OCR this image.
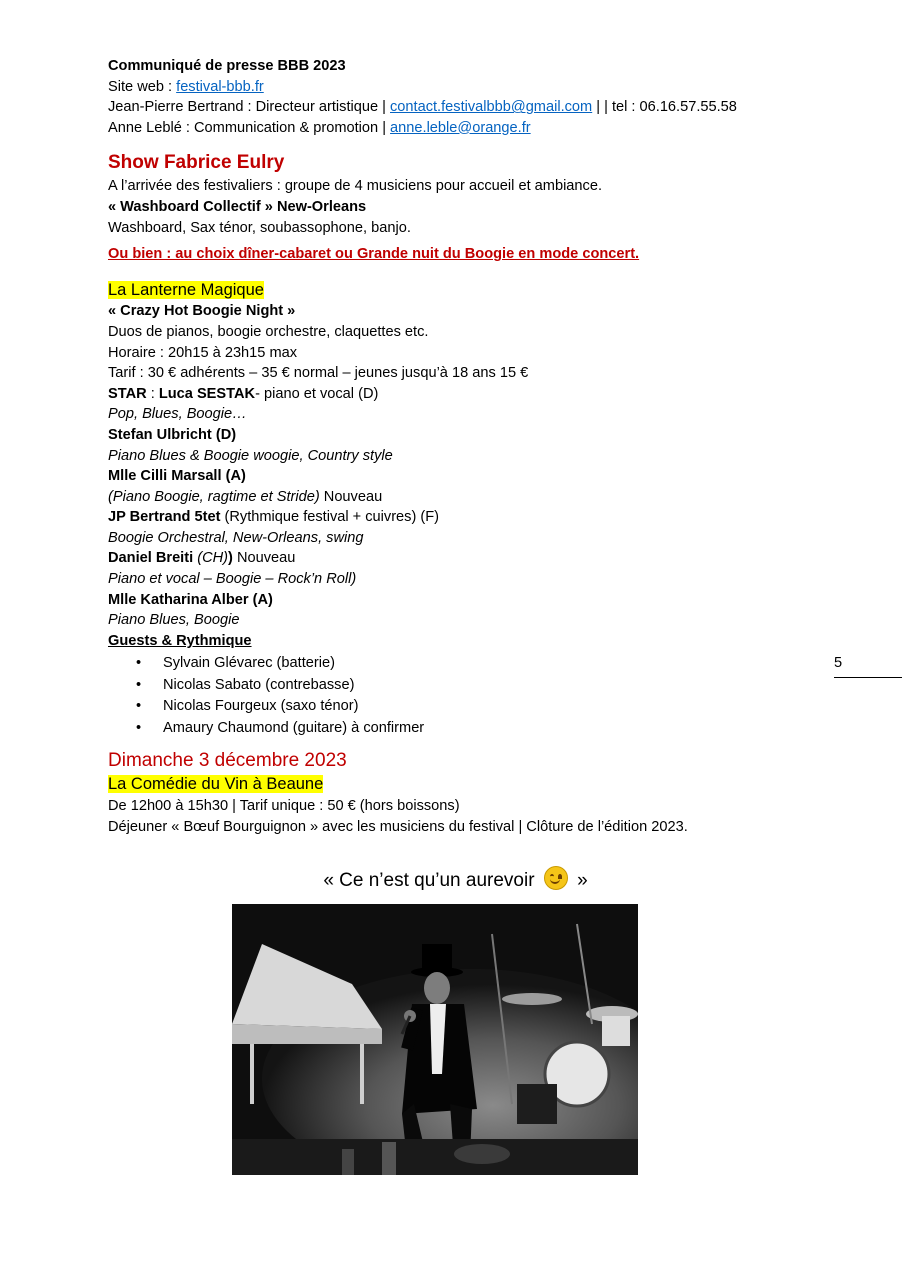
Communiqué de presse BBB 2023
Site web : festival-bbb.fr
Jean-Pierre Bertrand : Directeur artistique | contact.festivalbbb@gmail.com | | tel : 06.16.57.55.58
Anne Leblé : Communication & promotion | anne.leble@orange.fr
Show Fabrice Eulry
A l’arrivée des festivaliers : groupe de 4 musiciens pour accueil et ambiance.
« Washboard Collectif » New-Orleans
Washboard, Sax ténor, soubassophone, banjo.
Ou bien : au choix dîner-cabaret ou Grande nuit du Boogie en mode concert.
La Lanterne Magique
« Crazy Hot Boogie Night »
Duos de pianos, boogie orchestre, claquettes etc.
Horaire : 20h15 à 23h15 max
Tarif : 30 € adhérents – 35 € normal – jeunes jusqu’à 18 ans 15 €
STAR : Luca SESTAK- piano et vocal (D)
Pop, Blues, Boogie…
Stefan Ulbricht (D)
Piano Blues & Boogie woogie, Country style
Mlle Cilli Marsall (A)
(Piano Boogie, ragtime et Stride) Nouveau
JP Bertrand 5tet (Rythmique festival + cuivres) (F)
Boogie Orchestral, New-Orleans, swing
Daniel Breiti (CH)) Nouveau
Piano et vocal – Boogie – Rock’n Roll)
Mlle Katharina Alber (A)
Piano Blues, Boogie
Guests & Rythmique
• Sylvain Glévarec (batterie)
• Nicolas Sabato (contrebasse)
• Nicolas Fourgeux (saxo ténor)
• Amaury Chaumond (guitare) à confirmer
Dimanche 3 décembre 2023
La Comédie du Vin à Beaune
De 12h00 à 15h30 | Tarif unique : 50 € (hors boissons)
Déjeuner « Bœuf Bourguignon » avec les musiciens du festival | Clôture de l’édition 2023.
« Ce n’est qu’un aurevoir  »
5
